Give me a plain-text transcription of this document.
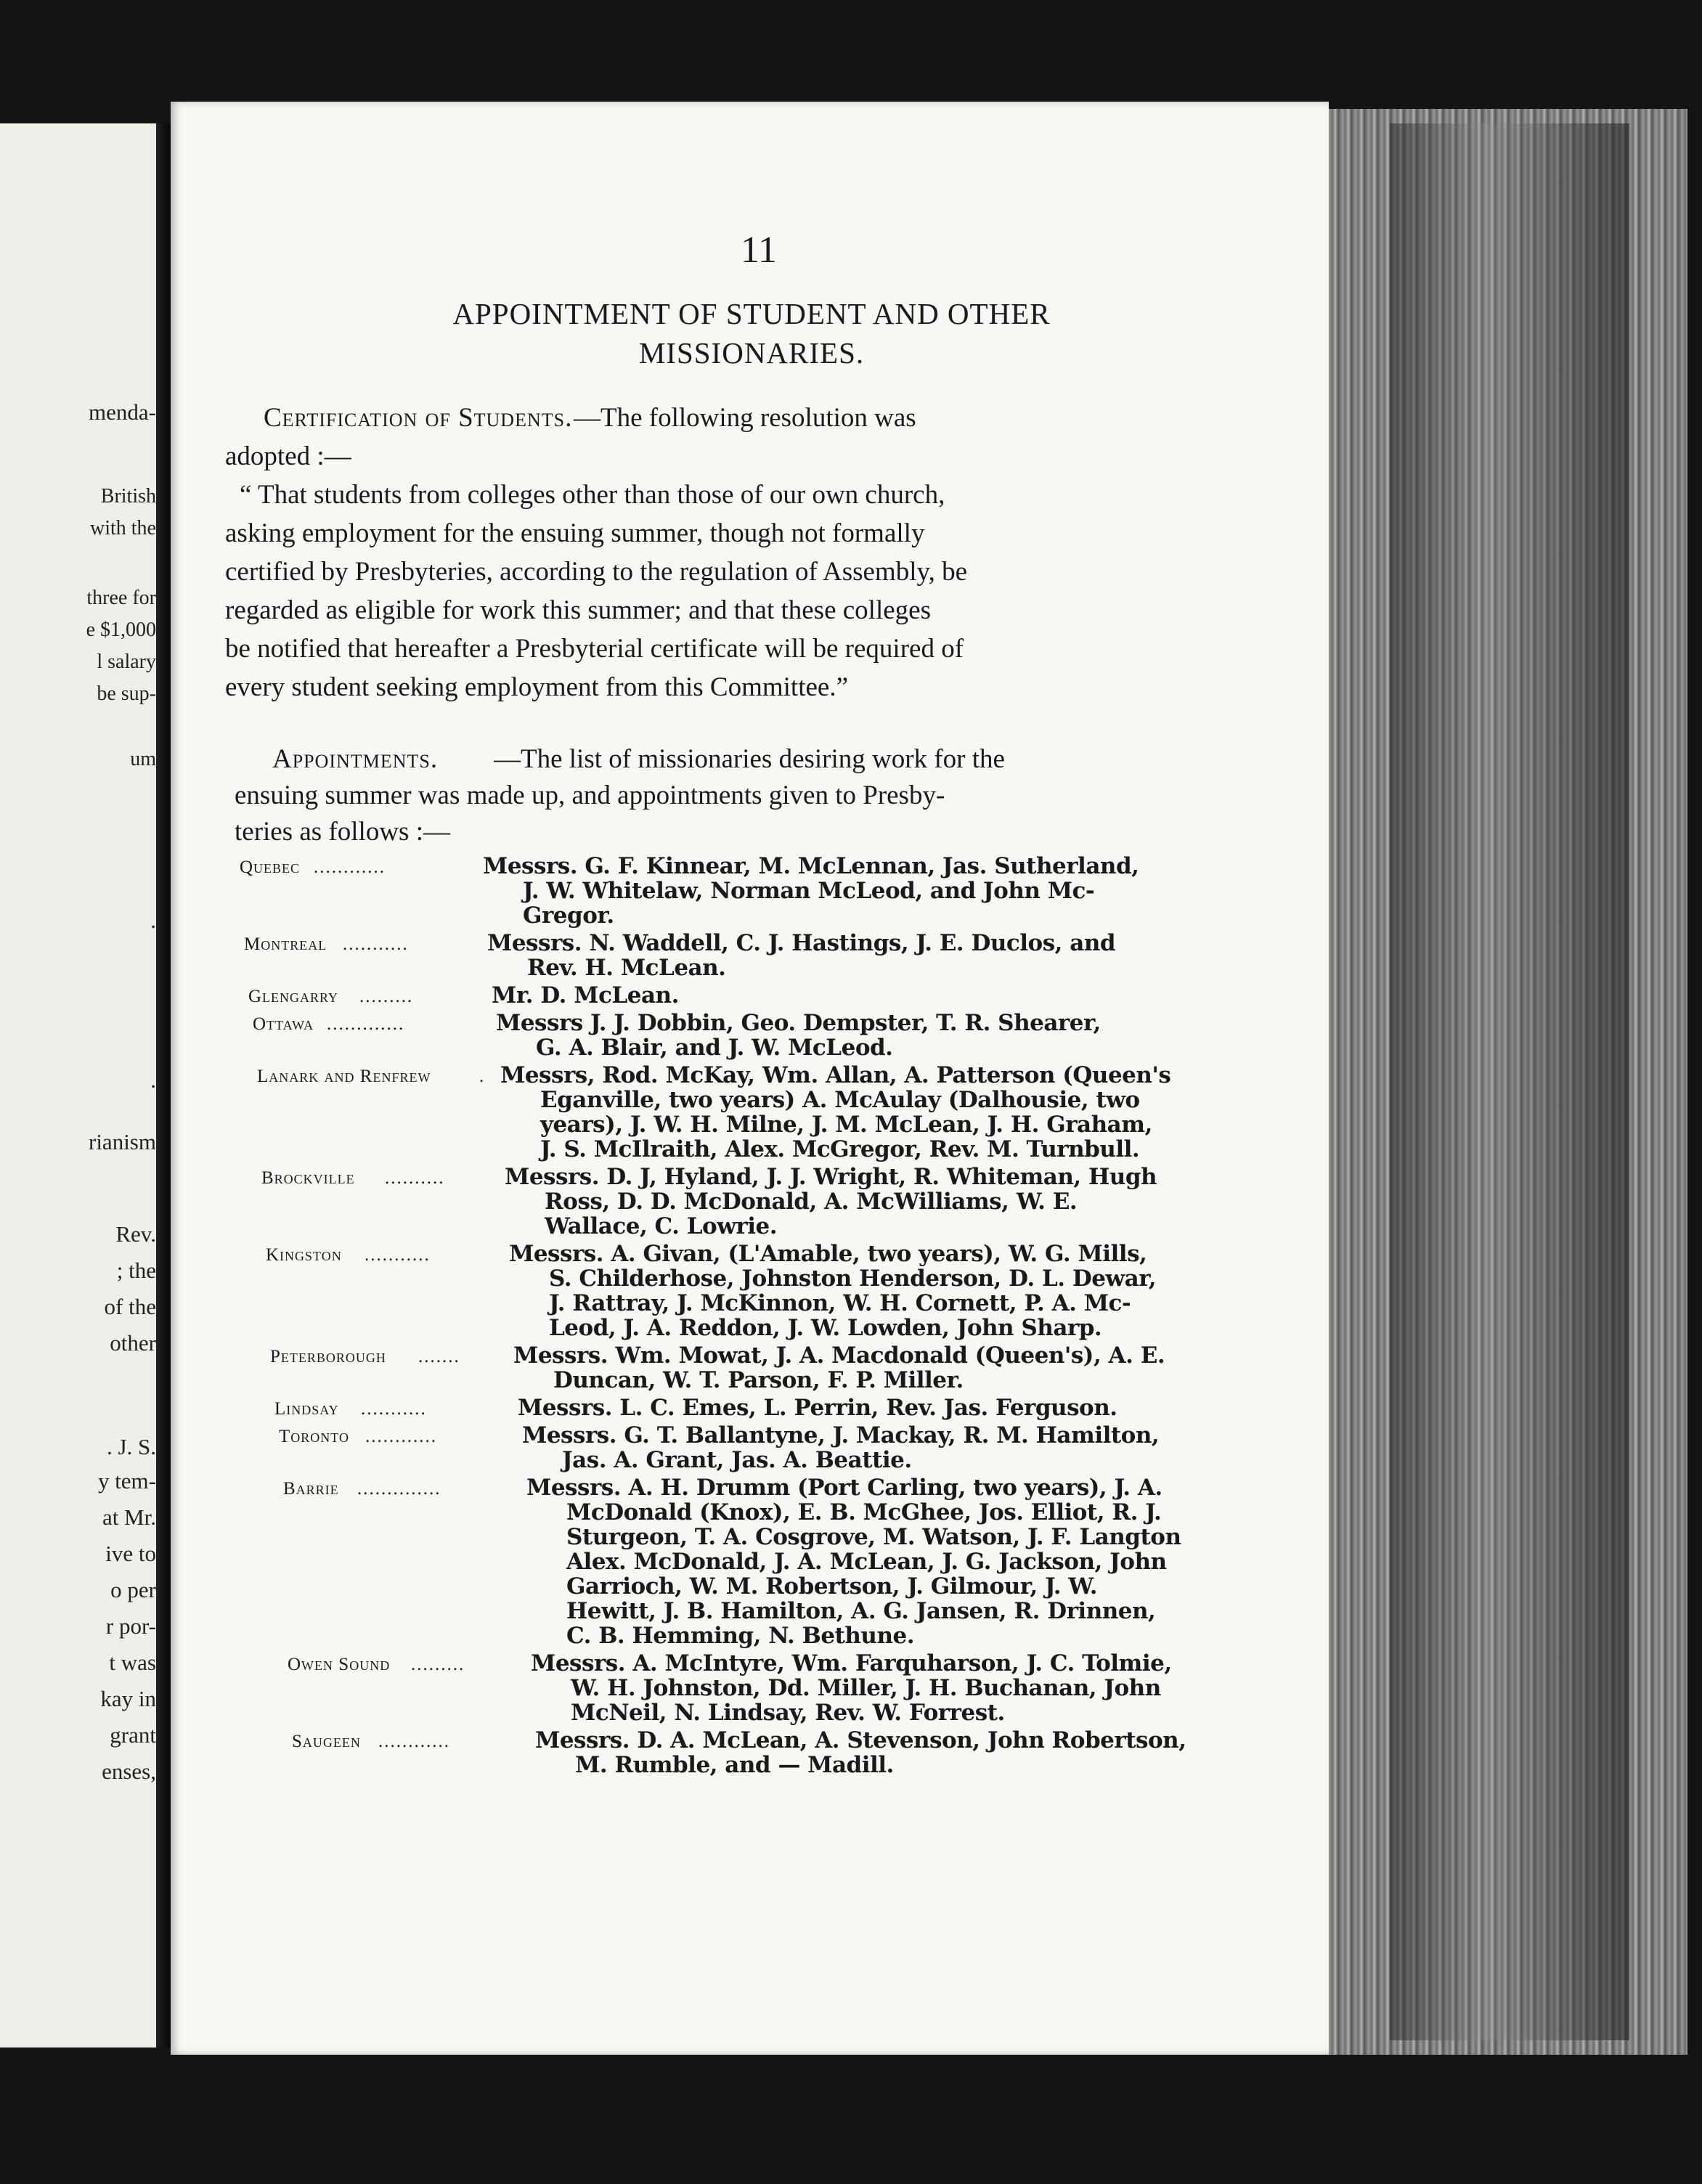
11
APPOINTMENT OF STUDENT AND OTHER
MISSIONARIES.
Certification of Students. —The following resolution was
adopted :—
“ That students from colleges other than those of our own church,
asking employment for the ensuing summer, though not formally
certified by Presbyteries, according to the regulation of Assembly, be
regarded as eligible for work this summer; and that these colleges
be notified that hereafter a Presbyterial certificate will be required of
every student seeking employment from this Committee.”
Appointments. —The list of missionaries desiring work for the
ensuing summer was made up, and appointments given to Presby-
teries as follows :—
Quebec ............	Messrs. G. F. Kinnear, M. McLennan, Jas. Sutherland,
J. W. Whitelaw, Norman McLeod, and John Mc-
Gregor.
Montreal ...........	Messrs. N. Waddell, C. J. Hastings, J. E. Duclos, and
Rev. H. McLean.
Glengarry .........	Mr. D. McLean.
Ottawa .............	Messrs J. J. Dobbin, Geo. Dempster, T. R. Shearer,
G. A. Blair, and J. W. McLeod.
Lanark and Renfrew	. Messrs, Rod. McKay, Wm. Allan, A. Patterson (Queen's
Eganville, two years) A. McAulay (Dalhousie, two
years), J. W. H. Milne, J. M. McLean, J. H. Graham,
J. S. McIlraith, Alex. McGregor, Rev. M. Turnbull.
Brockville ..........	Messrs. D. J, Hyland, J. J. Wright, R. Whiteman, Hugh
Ross, D. D. McDonald, A. McWilliams, W. E.
Wallace, C. Lowrie.
Kingston ...........	Messrs. A. Givan, (L'Amable, two years), W. G. Mills,
S. Childerhose, Johnston Henderson, D. L. Dewar,
J. Rattray, J. McKinnon, W. H. Cornett, P. A. Mc-
Leod, J. A. Reddon, J. W. Lowden, John Sharp.
Peterborough ....... Messrs. Wm. Mowat, J. A. Macdonald (Queen's), A. E.
Duncan, W. T. Parson, F. P. Miller.
Lindsay ...........	Messrs. L. C. Emes, L. Perrin, Rev. Jas. Ferguson.
Toronto ............	Messrs. G. T. Ballantyne, J. Mackay, R. M. Hamilton,
Jas. A. Grant, Jas. A. Beattie.
Barrie ..............	Messrs. A. H. Drumm (Port Carling, two years), J. A.
McDonald (Knox), E. B. McGhee, Jos. Elliot, R. J.
Sturgeon, T. A. Cosgrove, M. Watson, J. F. Langton
Alex. McDonald, J. A. McLean, J. G. Jackson, John
Garrioch, W. M. Robertson, J. Gilmour, J. W.
Hewitt, J. B. Hamilton, A. G. Jansen, R. Drinnen,
C. B. Hemming, N. Bethune.
Owen Sound .........	Messrs. A. McIntyre, Wm. Farquharson, J. C. Tolmie,
W. H. Johnston, Dd. Miller, J. H. Buchanan, John
McNeil, N. Lindsay, Rev. W. Forrest.
Saugeen ............	Messrs. D. A. McLean, A. Stevenson, John Robertson,
M. Rumble, and — Madill.
menda-
British
with the
three for
e $1,000
l salary
be sup-
um
.
.
rianism
Rev.
; the
of the
other
. J. S.
y tem-
at Mr.
ive to
o per
r por-
t was
kay in
grant
enses,
